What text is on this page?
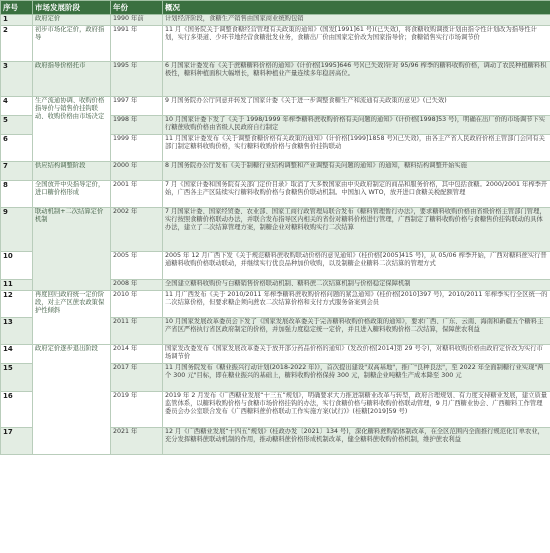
序号	市场发展阶段	年份	概况
1	政府定价	1990 年前	计划经济阶段，食糖生产销售由国家商业统购包销
2	初步市场化定价，政府指导	1991 年	11 月《国务院关于调整食糖经营管理有关政策的通知》(国发[1991]61 号)(已失效)，将食糖收购调拨计划由指令性计划改为指导性计划，实行多渠道、少环节地经营食糖批发业务，食糖出厂价由国家定价改为国家指导价；食糖销售实行市场调节价
3	政府指导价格托市	1995 年	6 月国家计委发布《关于蔗糖糖料价格的通知》(计价格[1995]646 号)(已失效)针对 95/96 榨季的糖料收购价格，调动了农民种植糖料积极性，糖料种植面积大幅增长，糖料种植业产量连续多年稳居高位。
4	生产流通协调、收购价格指导价与销售价挂钩联动、收购价格由市场决定	1997 年	9 月国务院办公厅同意并转发了国家计委《关于进一步调整食糖生产和流通有关政策的意见》(已失效)
5		1998 年	10 月国家计委下发了《关于 1998/1999 年榨季糖料蔗收购价格有关问题的通知》(计价格[1998]53 号)，明确在出厂价的市场调节下实行糖蔗收购价格由省级人民政府自行制定
6		1999 年	11 月国家计委发布《关于调整食糖价格有关政策的通知》(计价格[1999]1858 号)(已失效)，由各主产省人民政府价格主管部门会同有关部门制定糖料收购价格，实行糖料收购价格与食糖售价挂钩联动
7	供应结构调整阶段	2000 年	8 月国务院办公厅发布《关于制糖行业结构调整和产业调整有关问题的通知》的通知，糖料结构调整开始实施
8	全国放开中央指导定价，进口糖价格形成	2001 年	7 月《国家计委和国务院有关部门定价目录》取消了大多数国家由中央政府制定的商品和服务价格，其中包括食糖。2000/2001 年榨季开始，广西各主产区陆续实行糖料收购价格与食糖售价联动机制。中国加入 WTO，放开进口食糖关税配额管理
9	联动机制+二次结算定价机制	2002 年	7 月国家计委、国家经贸委、农业部、国家工商行政管理局联合发布《糖料管理暂行办法》，要求糖料收购价格由省级价格主管部门管理，实行按照食糖价格联动办法，并联合发布指导区内相关的省份对糖料价格进行管理，广西制定了糖料收购价格与食糖售价挂钩联动的具体办法，建立了二次结算管理方案，制糖企业对糖料收购实行二次结算
10		2005 年	2005 年 12 月广西下发《关于规范糖料蔗收购联动价格的意见通知》(桂价格[2005]415 号)，从 05/06 榨季开始，广西对糖料蔗实行普通糖料收购价格联动联动，并继续实行优良品种加价收购，以及制糖企业糖料二次结算的管理方式
11		2008 年	全国建立糖料收购价与白糖销售价格联动机制、糖料蔗二次结算机制与价格稳定保障机制
12	再度回归政府统一定价阶段，对主产区蔗农政策保护性倾斜	2010 年	11 月广西发布《关于 2010/2011 年榨季糖料蔗收购价格问题的紧急通知》(桂价格[2010]397 号)，2010/2011 年榨季实行全区统一的二次结算价格，但要求糖企须向蔗农二次结算价格和支付方式服务备案到会员
13		2011 年	10 月国家发展改革委员会下发了《国家发展改革委关于完善糖料收购价格政策的通知》，要求广西、广东、云南、海南和新疆五个糖料主产省区严格执行省区政府制定的价格，并加强力度稳定统一定价，并且进入糖料收购价格二次结算，保障蔗农利益
14	政府定价逐步退出阶段	2014 年	国家发改委发布《国家发展改革委关于放开部分药品价格的通知》(发改价格[2014]第 29 号令)，对糖料收购价格由政府定价改为实行市场调节价
15		2017 年	11 月国务院发布《糖业振兴行动计划(2018-2022 年)》，首次提出建设"双高基地"，推广"良种良法"，至 2022 年全面制糖行业实现"两个 300 元"目标，即在糖业振兴的基础上，糖料收购价格保持 300 元，制糖企业吨糖生产成本降至 300 元
16		2019 年	2019 年 2 月发布《广西糖业发展“十三五”规划》，明确要求大力推进制糖业改革与转型，政府合理规划、有力度支持糖业发展，建立质量监管体系，以糖料收购价格与食糖市场价格挂钩的办法，实行食糖价格与糖料收购价格联动管理，9 月广西糖业协会、广西糖料工作管理委员会办公室联合发布《广西糖料蔗价格联动工作实施方案(试行)》(桂糖[2019]59 号)
17		2021 年	12 月《广西糖业发展“十四五”规划》(桂政办发〔2021〕134 号)，深化糖料蔗购销体制改革，在全区范围内全面推行规范化订单农业，充分发挥糖料蔗联动机制的作用，推动糖料蔗价格形成机制改革，健全糖料蔗收购价格机制，维护蔗农利益
